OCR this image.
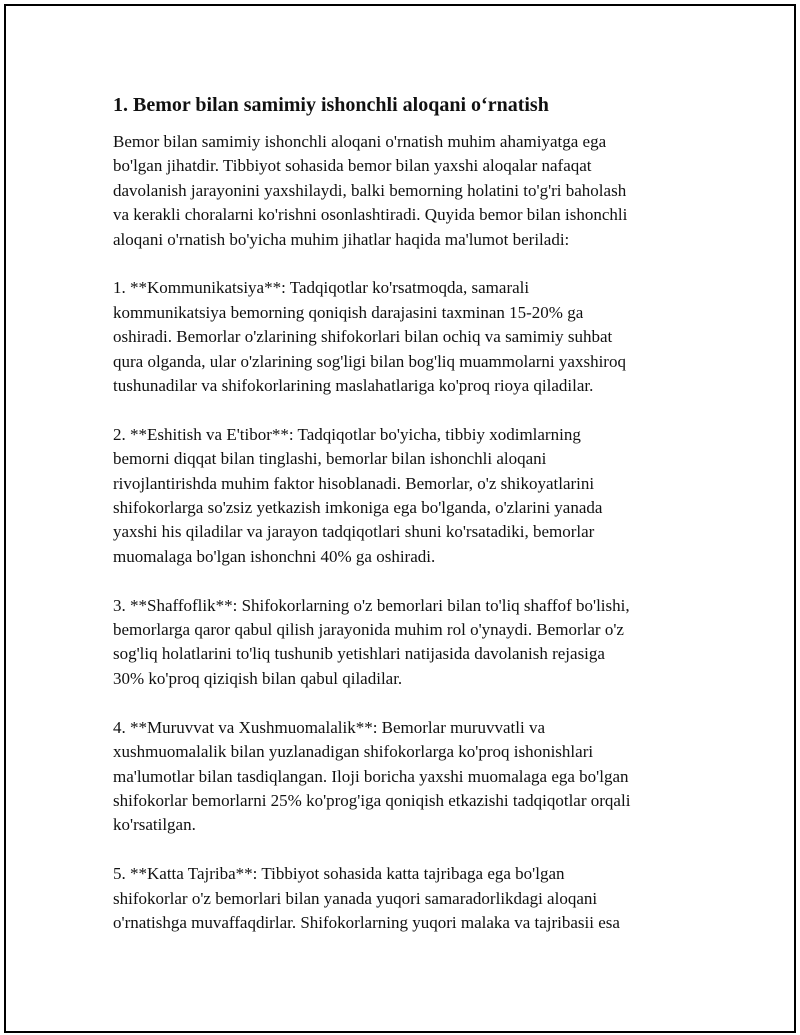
1. Bemor bilan samimiy ishonchli aloqani o‘rnatish

Bemor bilan samimiy ishonchli aloqani o'rnatish muhim ahamiyatga ega
bo'lgan jihatdir. Tibbiyot sohasida bemor bilan yaxshi aloqalar nafaqat
davolanish jarayonini yaxshilaydi, balki bemorning holatini to'g'ri baholash
va kerakli choralarni ko'rishni osonlashtiradi. Quyida bemor bilan ishonchli
aloqani o'rnatish bo'yicha muhim jihatlar haqida ma'lumot beriladi:

1. **Kommunikatsiya**: Tadqiqotlar ko'rsatmoqda, samarali
kommunikatsiya bemorning qoniqish darajasini taxminan 15-20% ga
oshiradi. Bemorlar o'zlarining shifokorlari bilan ochiq va samimiy suhbat
qura olganda, ular o'zlarining sog'ligi bilan bog'liq muammolarni yaxshiroq
tushunadilar va shifokorlarining maslahatlariga ko'proq rioya qiladilar.

2. **Eshitish va E'tibor**: Tadqiqotlar bo'yicha, tibbiy xodimlarning
bemorni diqqat bilan tinglashi, bemorlar bilan ishonchli aloqani
rivojlantirishda muhim faktor hisoblanadi. Bemorlar, o'z shikoyatlarini
shifokorlarga so'zsiz yetkazish imkoniga ega bo'lganda, o'zlarini yanada
yaxshi his qiladilar va jarayon tadqiqotlari shuni ko'rsatadiki, bemorlar
muomalaga bo'lgan ishonchni 40% ga oshiradi.

3. **Shaffoflik**: Shifokorlarning o'z bemorlari bilan to'liq shaffof bo'lishi,
bemorlarga qaror qabul qilish jarayonida muhim rol o'ynaydi. Bemorlar o'z
sog'liq holatlarini to'liq tushunib yetishlari natijasida davolanish rejasiga
30% ko'proq qiziqish bilan qabul qiladilar.

4. **Muruvvat va Xushmuomalalik**: Bemorlar muruvvatli va
xushmuomalalik bilan yuzlanadigan shifokorlarga ko'proq ishonishlari
ma'lumotlar bilan tasdiqlangan. Iloji boricha yaxshi muomalaga ega bo'lgan
shifokorlar bemorlarni 25% ko'prog'iga qoniqish etkazishi tadqiqotlar orqali
ko'rsatilgan.

5. **Katta Tajriba**: Tibbiyot sohasida katta tajribaga ega bo'lgan
shifokorlar o'z bemorlari bilan yanada yuqori samaradorlikdagi aloqani
o'rnatishga muvaffaqdirlar. Shifokorlarning yuqori malaka va tajribasii esa
